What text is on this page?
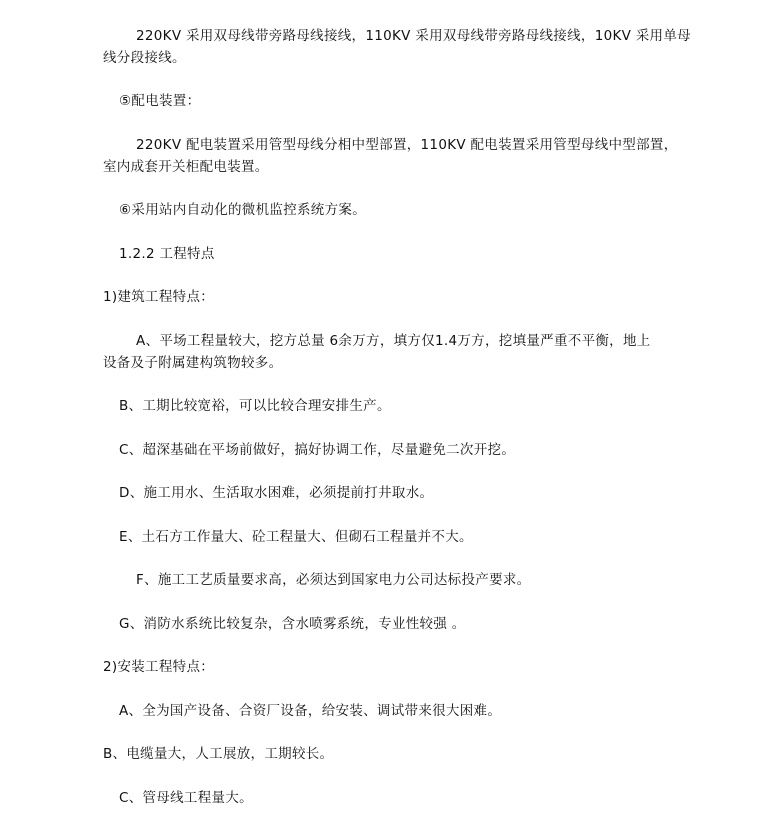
220KV 采用双母线带旁路母线接线，110KV 采用双母线带旁路母线接线，10KV 采用单母
线分段接线。
⑤配电装置：
220KV 配电装置采用管型母线分相中型部置，110KV 配电装置采用管型母线中型部置，
室内成套开关柜配电装置。
⑥采用站内自动化的微机监控系统方案。
1.2.2 工程特点
1)建筑工程特点：
A、平场工程量较大，挖方总量 6余万方，填方仅1.4万方，挖填量严重不平衡，地上
设备及子附属建构筑物较多。
B、工期比较宽裕，可以比较合理安排生产。
C、超深基础在平场前做好，搞好协调工作，尽量避免二次开挖。
D、施工用水、生活取水困难，必须提前打井取水。
E、土石方工作量大、砼工程量大、但砌石工程量并不大。
F、施工工艺质量要求高，必须达到国家电力公司达标投产要求。
G、消防水系统比较复杂，含水喷雾系统，专业性较强 。
2)安装工程特点：
A、全为国产设备、合资厂设备，给安装、调试带来很大困难。
B、电缆量大，人工展放，工期较长。
C、管母线工程量大。
